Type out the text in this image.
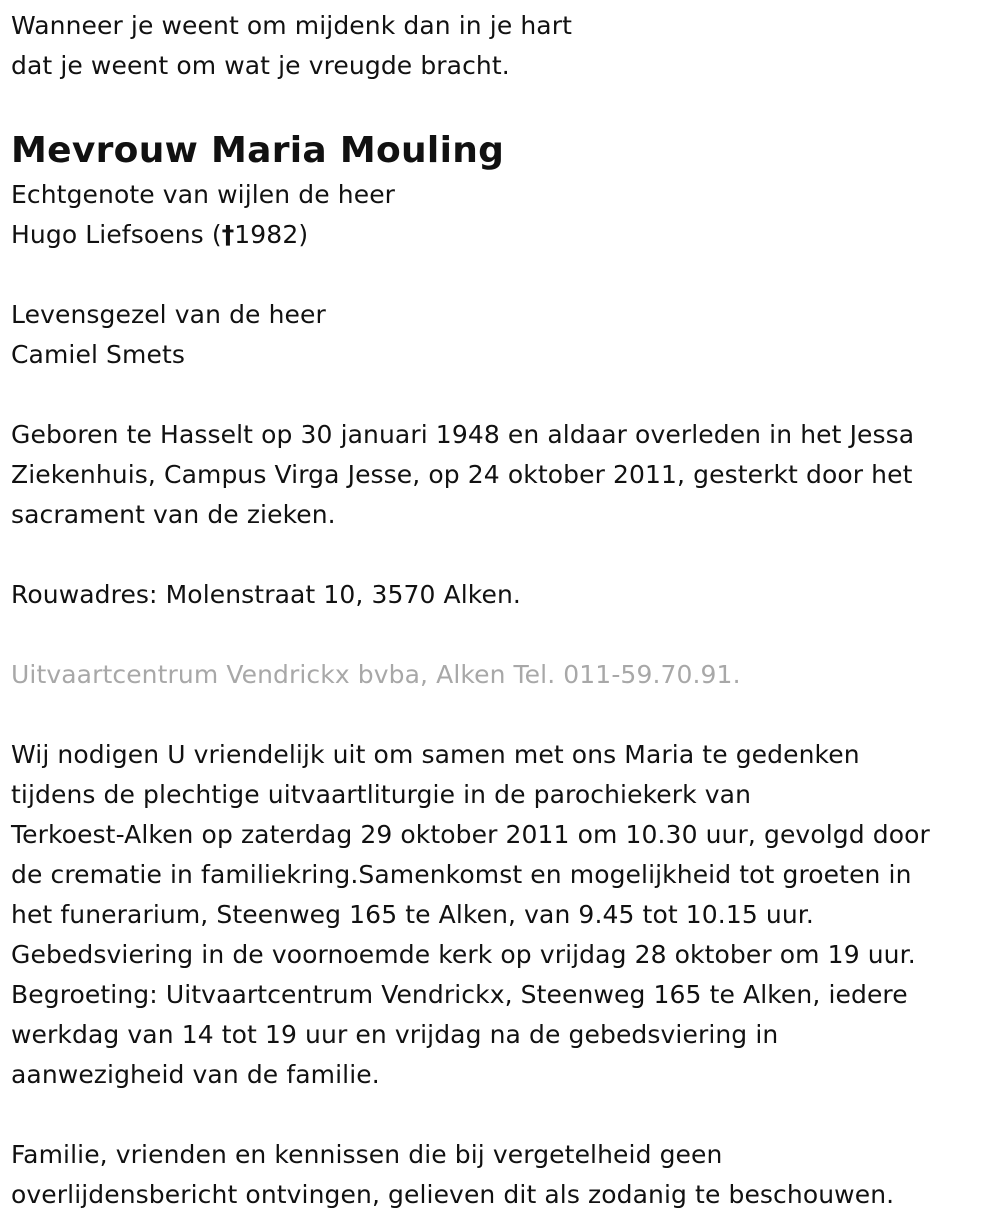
Wanneer je weent om mijdenk dan in je hart
dat je weent om wat je vreugde bracht.
Mevrouw Maria Mouling
Echtgenote van wijlen de heer
Hugo Liefsoens (†1982)
Levensgezel van de heer
Camiel Smets
Geboren te Hasselt op 30 januari 1948 en aldaar overleden in het Jessa
Ziekenhuis, Campus Virga Jesse, op 24 oktober 2011, gesterkt door het
sacrament van de zieken.
Rouwadres: Molenstraat 10, 3570 Alken.
Uitvaartcentrum Vendrickx bvba, Alken Tel. 011-59.70.91.
Wij nodigen U vriendelijk uit om samen met ons Maria te gedenken
tijdens de plechtige uitvaartliturgie in de parochiekerk van
Terkoest-Alken op zaterdag 29 oktober 2011 om 10.30 uur, gevolgd door
de crematie in familiekring.Samenkomst en mogelijkheid tot groeten in
het funerarium, Steenweg 165 te Alken, van 9.45 tot 10.15 uur.
Gebedsviering in de voornoemde kerk op vrijdag 28 oktober om 19 uur.
Begroeting: Uitvaartcentrum Vendrickx, Steenweg 165 te Alken, iedere
werkdag van 14 tot 19 uur en vrijdag na de gebedsviering in
aanwezigheid van de familie.
Familie, vrienden en kennissen die bij vergetelheid geen
overlijdensbericht ontvingen, gelieven dit als zodanig te beschouwen.
